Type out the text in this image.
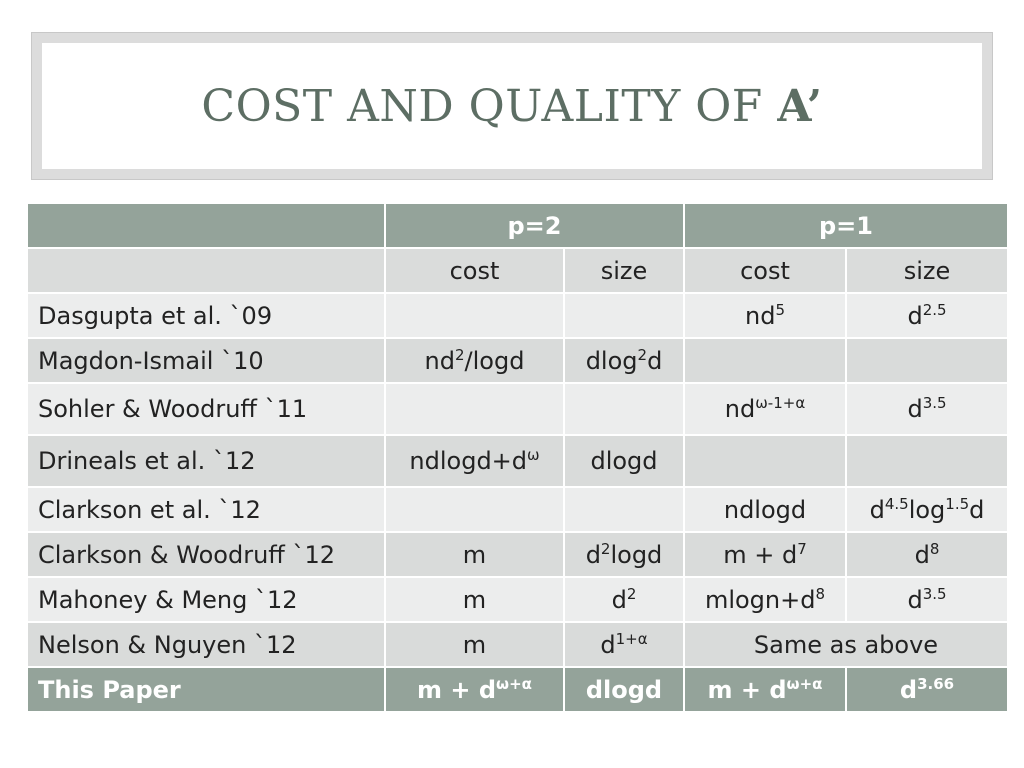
COST AND QUALITY OF A’
	p=2		p=1	
	cost	size	cost	size
Dasgupta et al. `09			$nd^5$	$d^{2.5}$
Magdon-Ismail `10	$nd^2$/logd	dlog$^2$d		
Sohler & Woodruff `11			$nd^{\omega-1+\alpha}$	$d^{3.5}$
Drineals et al. `12	$ndlogd+d^\omega$	dlogd		
Clarkson et al. `12			ndlogd	$d^{4.5}\log^{1.5}d$
Clarkson & Woodruff `12	m	$d^2\log d$	$m + d^7$	$d^8$
Mahoney & Meng `12	m	$d^2$	$mlogn+d^8$	$d^{3.5}$
Nelson & Nguyen `12	m	$d^{1+\alpha}$	Same as above	
This Paper	$m + d^{\omega+\alpha}$	dlogd	$m + d^{\omega+\alpha}$	$d^{3.66}$
